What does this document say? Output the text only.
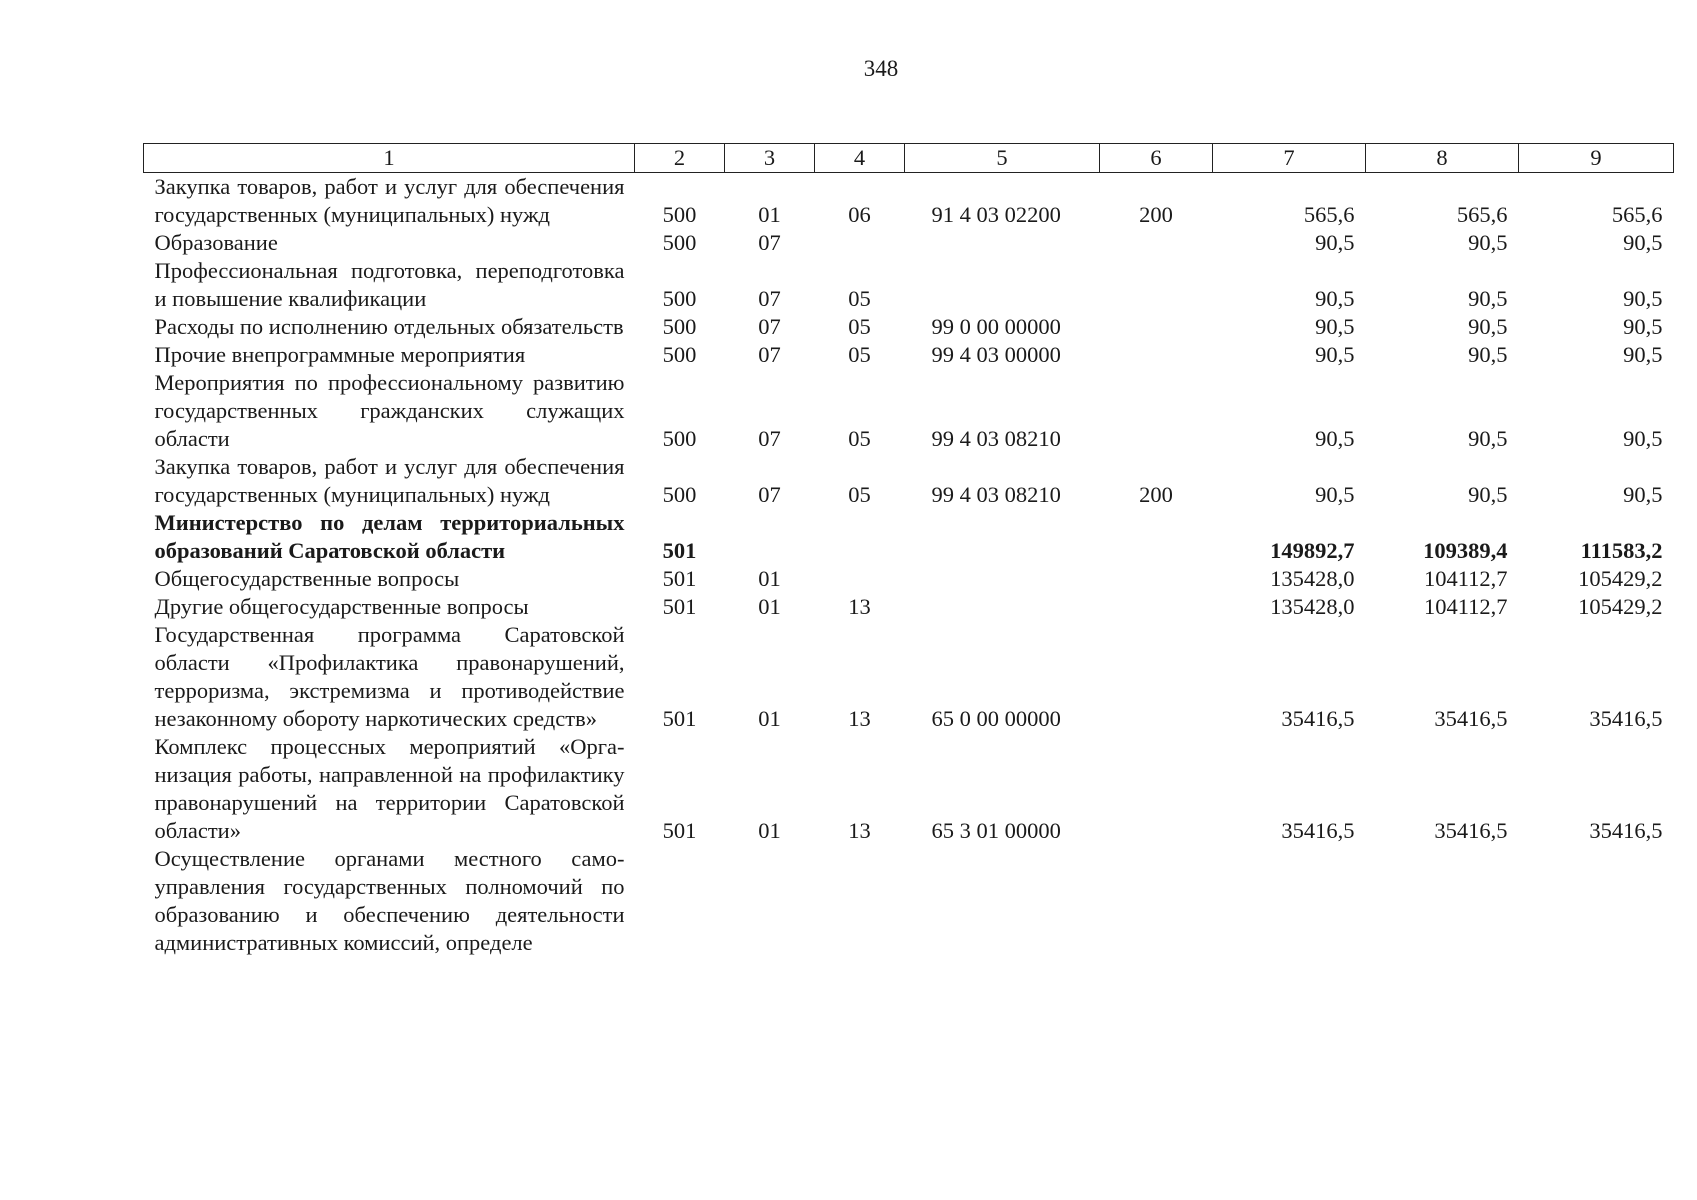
348
1	2	3	4	5	6	7	8	9
Закупка товаров, работ и услуг для обеспечения государственных (муниципальных) нужд	500	01	06	91 4 03 02200	200	565,6	565,6	565,6
Образование	500	07				90,5	90,5	90,5
Профессиональная подготовка, переподготовка и повышение квалификации	500	07	05			90,5	90,5	90,5
Расходы по исполнению отдельных обязательств	500	07	05	99 0 00 00000		90,5	90,5	90,5
Прочие внепрограммные мероприятия	500	07	05	99 4 03 00000		90,5	90,5	90,5
Мероприятия по профессиональному развитию государственных гражданских служащих области	500	07	05	99 4 03 08210		90,5	90,5	90,5
Закупка товаров, работ и услуг для обеспечения государственных (муниципальных) нужд	500	07	05	99 4 03 08210	200	90,5	90,5	90,5
Министерство по делам территориальных образований Саратовской области	501					149892,7	109389,4	111583,2
Общегосударственные вопросы	501	01				135428,0	104112,7	105429,2
Другие общегосударственные вопросы	501	01	13			135428,0	104112,7	105429,2
Государственная программа Саратовской области «Профилактика правонарушений, терроризма, экстремизма и противодействие незаконному обороту наркотических средств»	501	01	13	65 0 00 00000		35416,5	35416,5	35416,5
Комплекс процессных мероприятий «Организация работы, направленной на профилактику правонарушений на территории Саратовской области»	501	01	13	65 3 01 00000		35416,5	35416,5	35416,5
Осуществление органами местного самоуправления государственных полномочий по образованию и обеспечению деятельности административных комиссий, определе								
